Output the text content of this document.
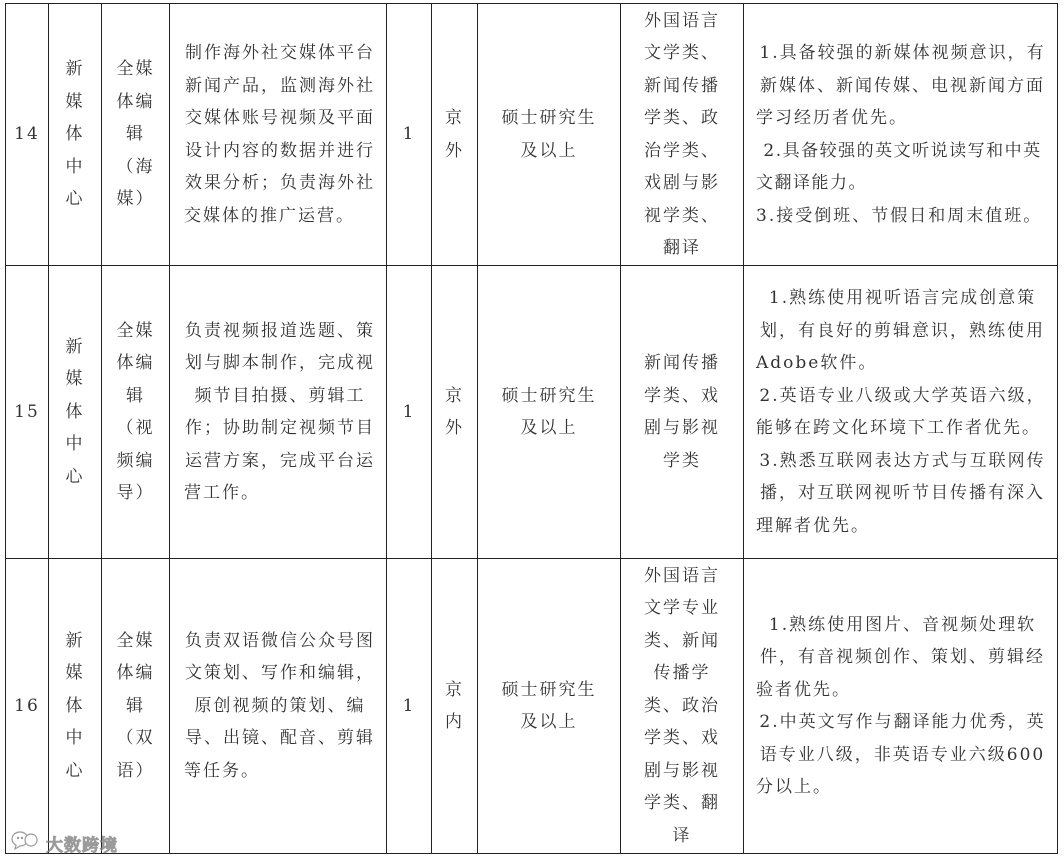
14	新媒体中心	全媒体编辑（海媒）	制作海外社交媒体平台新闻产品，监测海外社交媒体账号视频及平面设计内容的数据并进行效果分析；负责海外社交媒体的推广运营。	1	京外	硕士研究生及以上	外国语言文学类、新闻传播学类、政治学类、戏剧与影视学类、翻译	1.具备较强的新媒体视频意识，有新媒体、新闻传媒、电视新闻方面学习经历者优先。
2.具备较强的英文听说读写和中英文翻译能力。
3.接受倒班、节假日和周末值班。

15	新媒体中心	全媒体编辑（视频编导）	负责视频报道选题、策划与脚本制作，完成视频节目拍摄、剪辑工作；协助制定视频节目运营方案，完成平台运营工作。	1	京外	硕士研究生及以上	新闻传播学类、戏剧与影视学类	1.熟练使用视听语言完成创意策划，有良好的剪辑意识，熟练使用Adobe软件。
2.英语专业八级或大学英语六级，能够在跨文化环境下工作者优先。
3.熟悉互联网表达方式与互联网传播，对互联网视听节目传播有深入理解者优先。

16	新媒体中心	全媒体编辑（双语）	负责双语微信公众号图文策划、写作和编辑，原创视频的策划、编导、出镜、配音、剪辑等任务。	1	京内	硕士研究生及以上	外国语言文学专业类、新闻传播学类、政治学类、戏剧与影视学类、翻译	1.熟练使用图片、音视频处理软件，有音视频创作、策划、剪辑经验者优先。
2.中英文写作与翻译能力优秀，英语专业八级，非英语专业六级600分以上。
大数跨境
